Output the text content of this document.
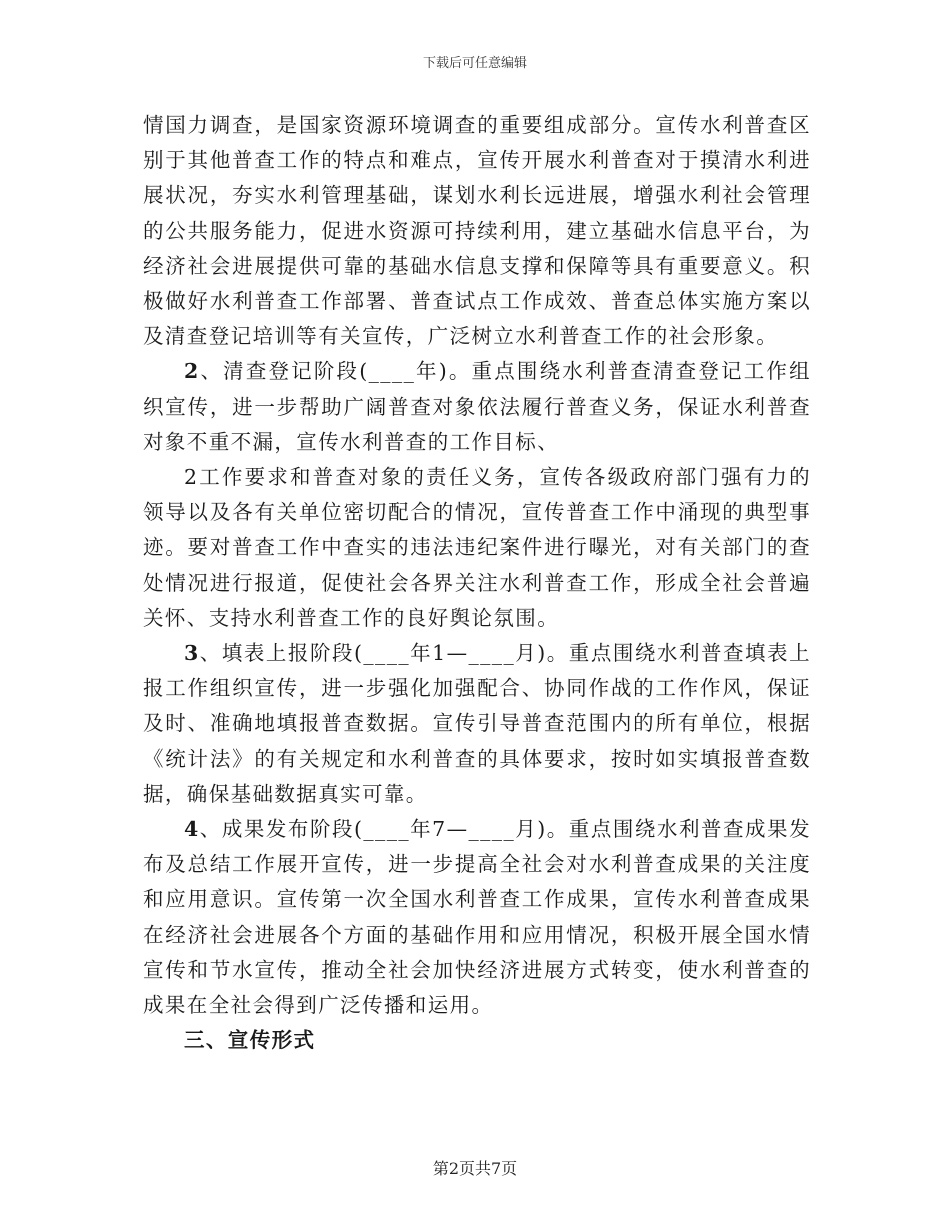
下载后可任意编辑

情国力调查，是国家资源环境调查的重要组成部分。宣传水利普查区别于其他普查工作的特点和难点，宣传开展水利普查对于摸清水利进展状况，夯实水利管理基础，谋划水利长远进展，增强水利社会管理的公共服务能力，促进水资源可持续利用，建立基础水信息平台，为经济社会进展提供可靠的基础水信息支撑和保障等具有重要意义。积极做好水利普查工作部署、普查试点工作成效、普查总体实施方案以及清查登记培训等有关宣传，广泛树立水利普查工作的社会形象。

2、清查登记阶段(____年)。重点围绕水利普查清查登记工作组织宣传，进一步帮助广阔普查对象依法履行普查义务，保证水利普查对象不重不漏，宣传水利普查的工作目标、

2工作要求和普查对象的责任义务，宣传各级政府部门强有力的领导以及各有关单位密切配合的情况，宣传普查工作中涌现的典型事迹。要对普查工作中查实的违法违纪案件进行曝光，对有关部门的查处情况进行报道，促使社会各界关注水利普查工作，形成全社会普遍关怀、支持水利普查工作的良好舆论氛围。

3、填表上报阶段(____年1—____月)。重点围绕水利普查填表上报工作组织宣传，进一步强化加强配合、协同作战的工作作风，保证及时、准确地填报普查数据。宣传引导普查范围内的所有单位，根据《统计法》的有关规定和水利普查的具体要求，按时如实填报普查数据，确保基础数据真实可靠。

4、成果发布阶段(____年7—____月)。重点围绕水利普查成果发布及总结工作展开宣传，进一步提高全社会对水利普查成果的关注度和应用意识。宣传第一次全国水利普查工作成果，宣传水利普查成果在经济社会进展各个方面的基础作用和应用情况，积极开展全国水情宣传和节水宣传，推动全社会加快经济进展方式转变，使水利普查的成果在全社会得到广泛传播和运用。

三、宣传形式

第2页共7页
